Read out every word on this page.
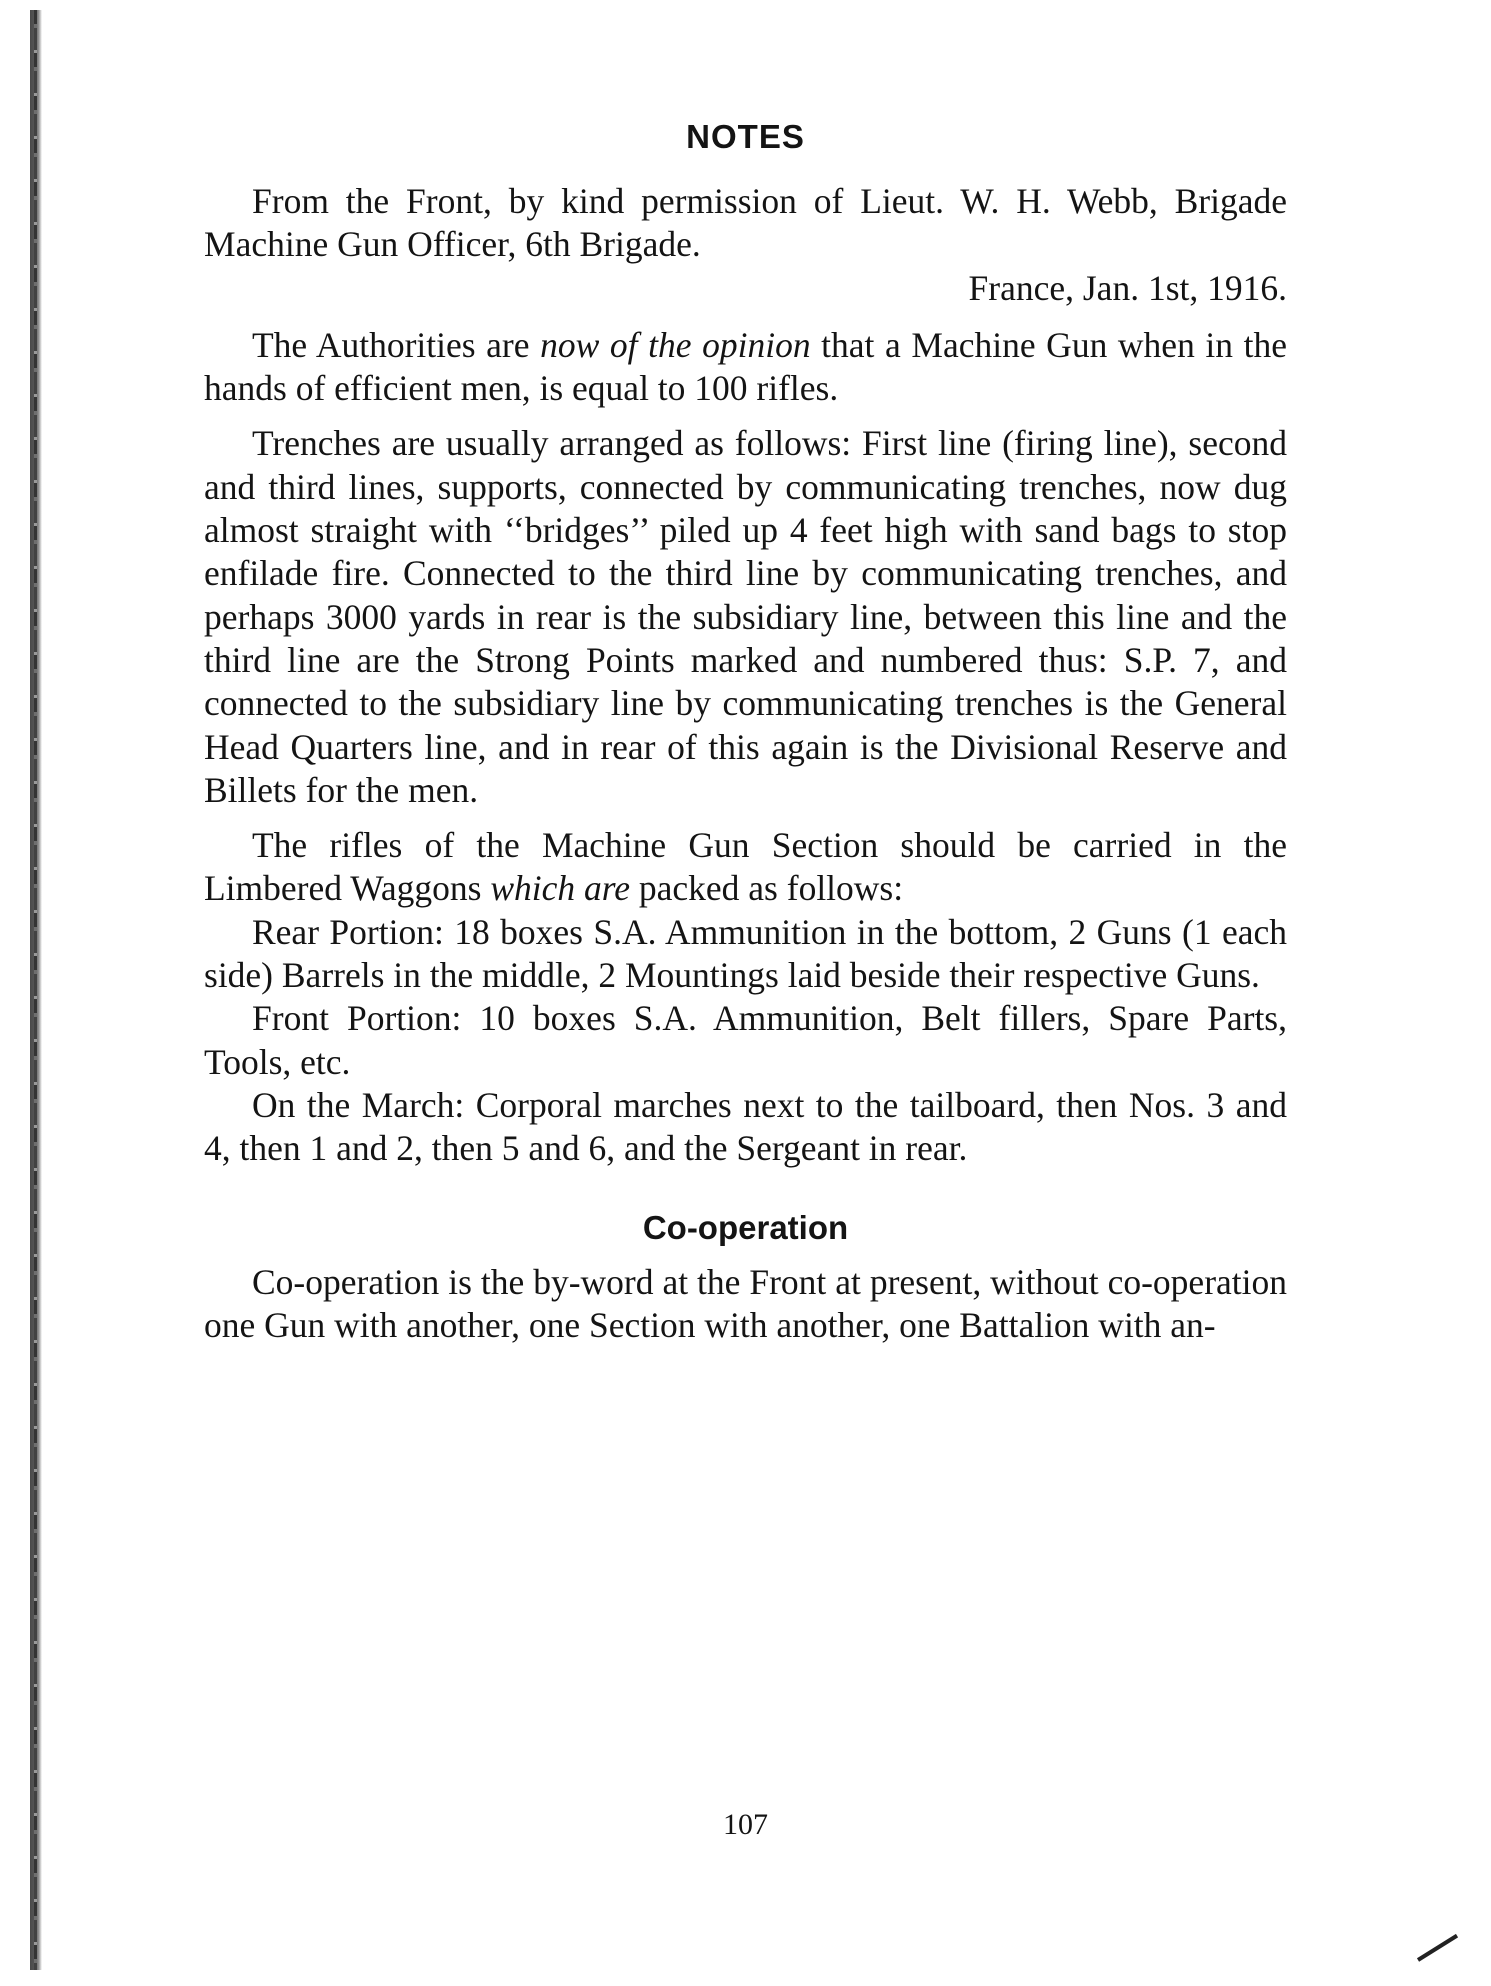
NOTES

From the Front, by kind permission of Lieut. W. H. Webb, Brigade Machine Gun Officer, 6th Brigade.

France, Jan. 1st, 1916.

The Authorities are now of the opinion that a Machine Gun when in the hands of efficient men, is equal to 100 rifles.

Trenches are usually arranged as follows: First line (firing line), second and third lines, supports, connected by communicating trenches, now dug almost straight with ‘‘bridges’’ piled up 4 feet high with sand bags to stop enfilade fire. Connected to the third line by communicating trenches, and perhaps 3000 yards in rear is the subsidiary line, between this line and the third line are the Strong Points marked and numbered thus: S.P. 7, and connected to the subsidiary line by communicating trenches is the General Head Quarters line, and in rear of this again is the Divisional Reserve and Billets for the men.

The rifles of the Machine Gun Section should be carried in the Limbered Waggons which are packed as follows:

Rear Portion: 18 boxes S.A. Ammunition in the bottom, 2 Guns (1 each side) Barrels in the middle, 2 Mountings laid beside their respective Guns.

Front Portion: 10 boxes S.A. Ammunition, Belt fillers, Spare Parts, Tools, etc.

On the March: Corporal marches next to the tailboard, then Nos. 3 and 4, then 1 and 2, then 5 and 6, and the Sergeant in rear.

Co-operation

Co-operation is the by-word at the Front at present, without co-operation one Gun with another, one Section with another, one Battalion with an-

107
